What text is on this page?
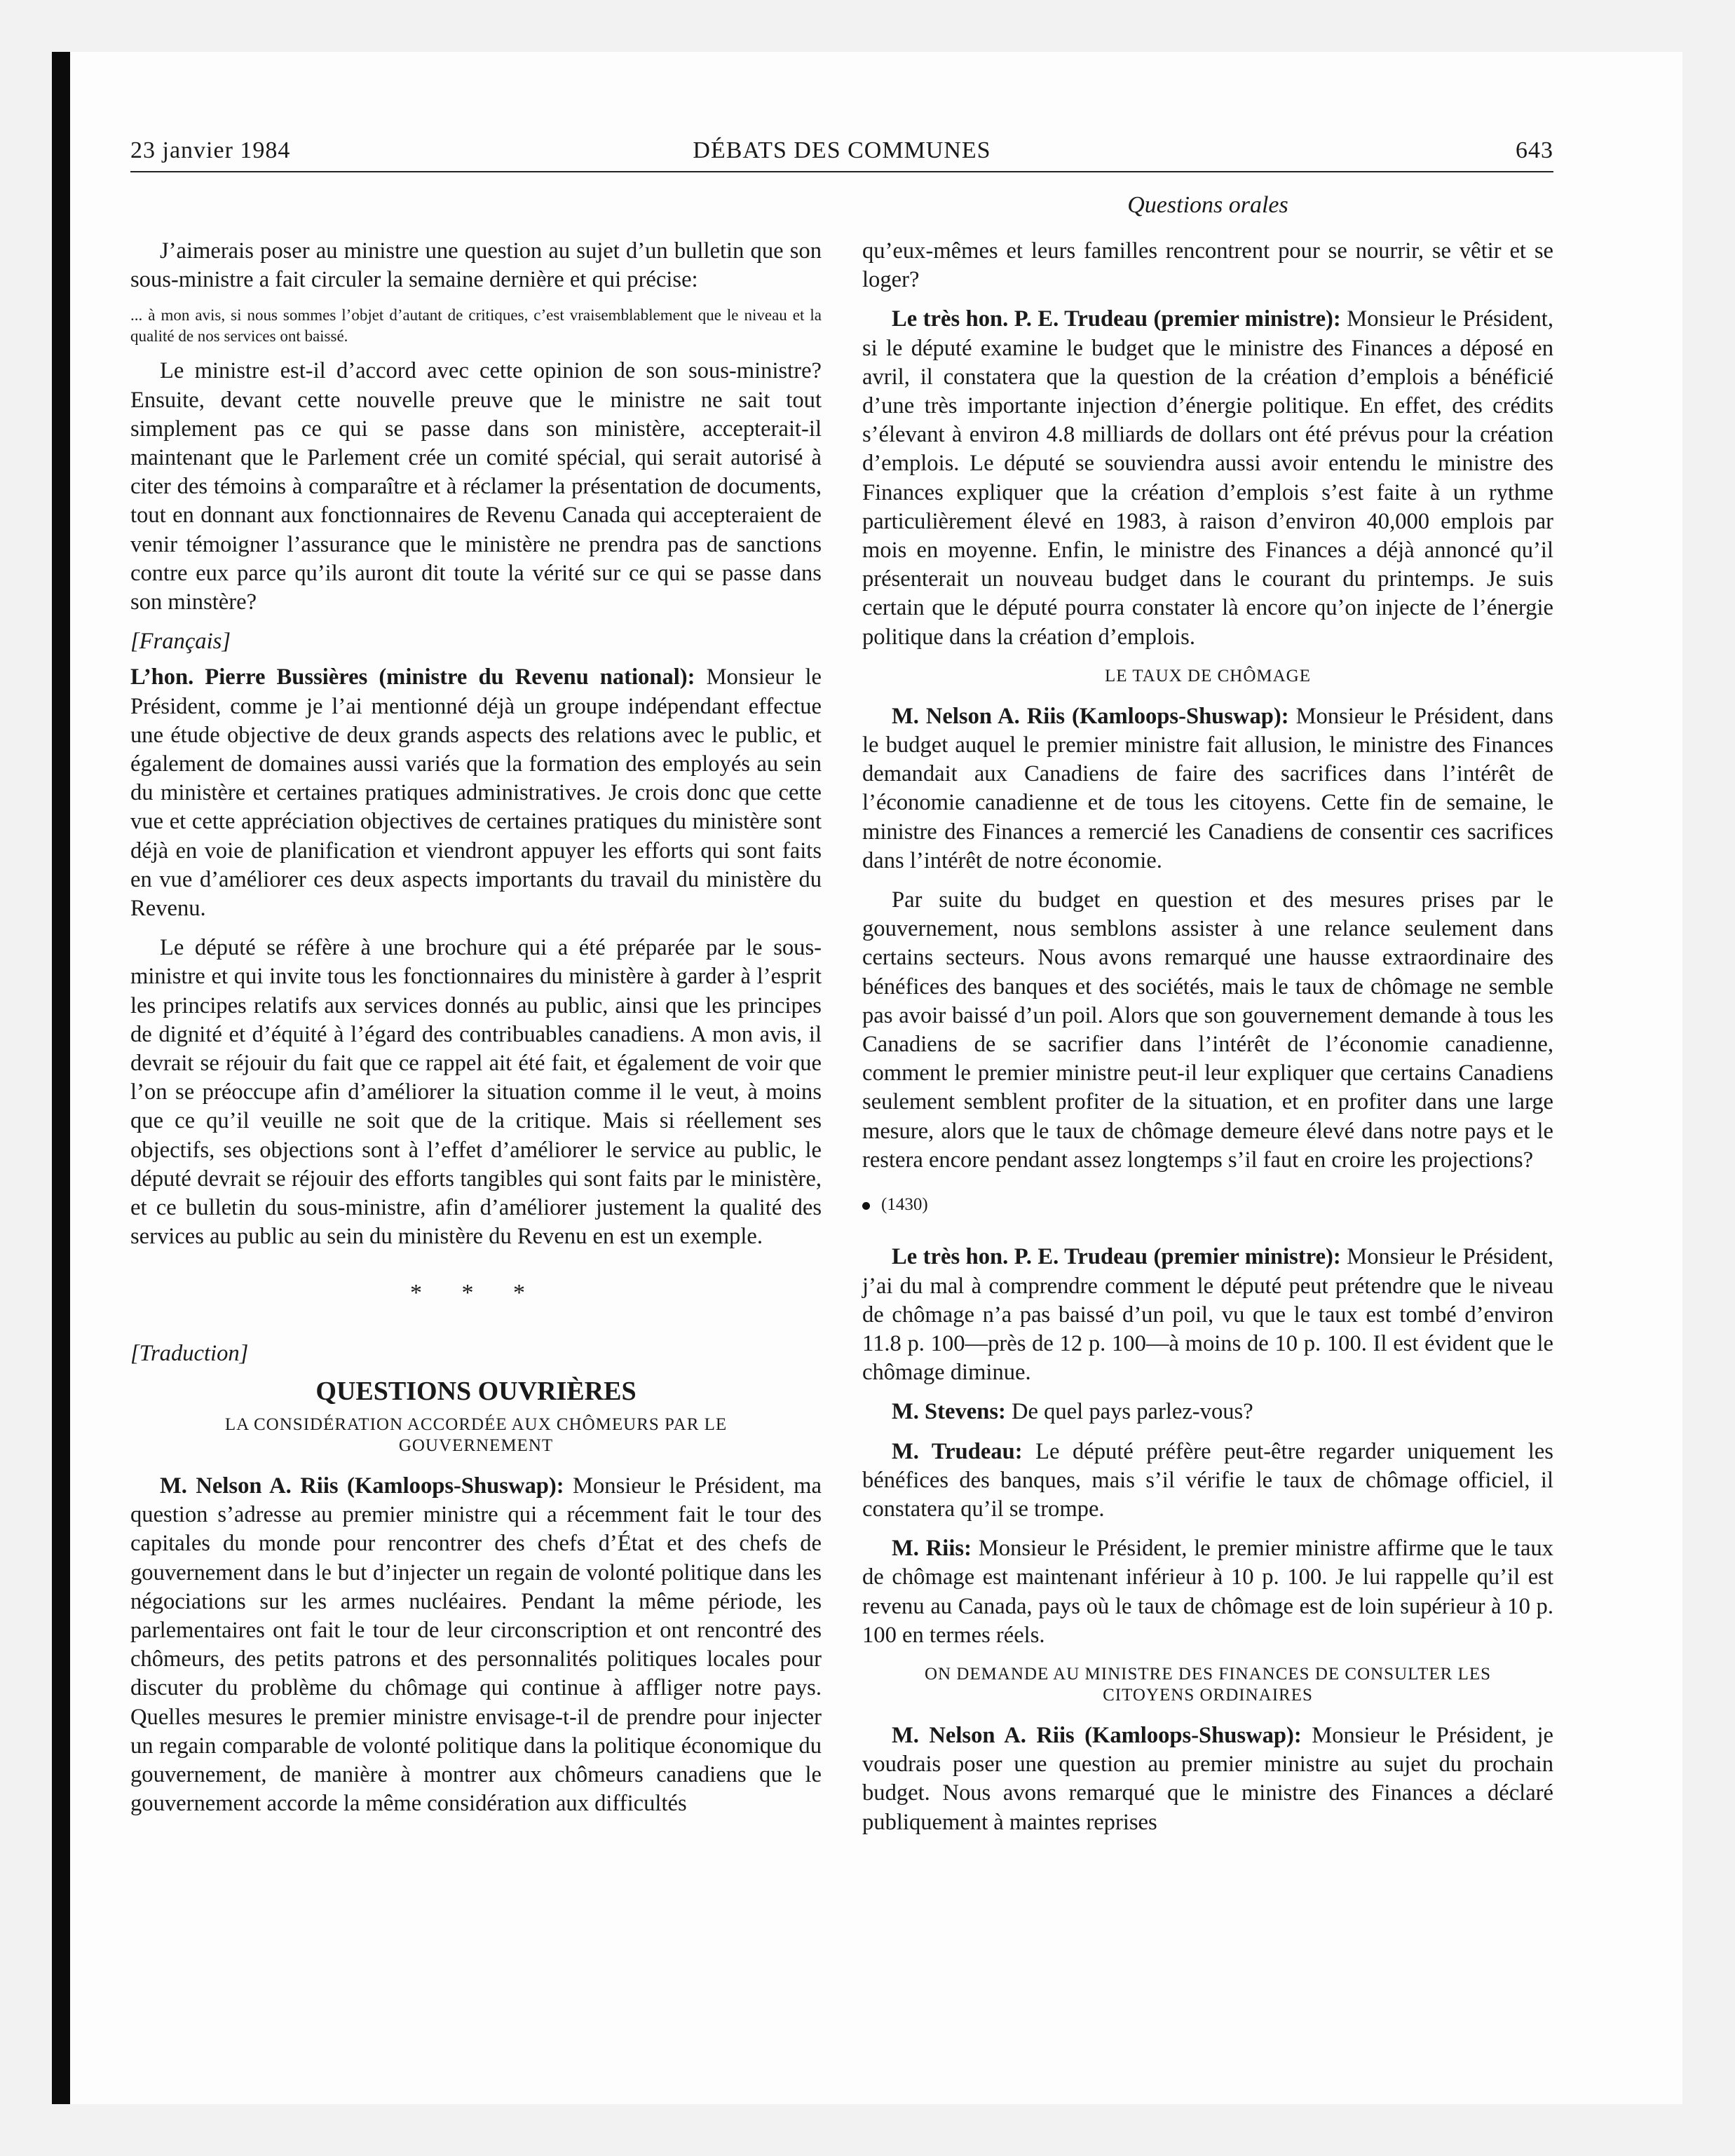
23 janvier 1984	DÉBATS DES COMMUNES	643
Questions orales

J’aimerais poser au ministre une question au sujet d’un bulletin que son sous-ministre a fait circuler la semaine dernière et qui précise:

... à mon avis, si nous sommes l’objet d’autant de critiques, c’est vraisemblablement que le niveau et la qualité de nos services ont baissé.

Le ministre est-il d’accord avec cette opinion de son sous-ministre? Ensuite, devant cette nouvelle preuve que le ministre ne sait tout simplement pas ce qui se passe dans son ministère, accepterait-il maintenant que le Parlement crée un comité spécial, qui serait autorisé à citer des témoins à comparaître et à réclamer la présentation de documents, tout en donnant aux fonctionnaires de Revenu Canada qui accepteraient de venir témoigner l’assurance que le ministère ne prendra pas de sanctions contre eux parce qu’ils auront dit toute la vérité sur ce qui se passe dans son minstère?

[Français]

L’hon. Pierre Bussières (ministre du Revenu national): Monsieur le Président, comme je l’ai mentionné déjà un groupe indépendant effectue une étude objective de deux grands aspects des relations avec le public, et également de domaines aussi variés que la formation des employés au sein du ministère et certaines pratiques administratives. Je crois donc que cette vue et cette appréciation objectives de certaines pratiques du ministère sont déjà en voie de planification et viendront appuyer les efforts qui sont faits en vue d’améliorer ces deux aspects importants du travail du ministère du Revenu.

Le député se réfère à une brochure qui a été préparée par le sous-ministre et qui invite tous les fonctionnaires du ministère à garder à l’esprit les principes relatifs aux services donnés au public, ainsi que les principes de dignité et d’équité à l’égard des contribuables canadiens. A mon avis, il devrait se réjouir du fait que ce rappel ait été fait, et également de voir que l’on se préoccupe afin d’améliorer la situation comme il le veut, à moins que ce qu’il veuille ne soit que de la critique. Mais si réellement ses objectifs, ses objections sont à l’effet d’améliorer le service au public, le député devrait se réjouir des efforts tangibles qui sont faits par le ministère, et ce bulletin du sous-ministre, afin d’améliorer justement la qualité des services au public au sein du ministère du Revenu en est un exemple.

* * *

[Traduction]

QUESTIONS OUVRIÈRES
LA CONSIDÉRATION ACCORDÉE AUX CHÔMEURS PAR LE GOUVERNEMENT

M. Nelson A. Riis (Kamloops-Shuswap): Monsieur le Président, ma question s’adresse au premier ministre qui a récemment fait le tour des capitales du monde pour rencontrer des chefs d’État et des chefs de gouvernement dans le but d’injecter un regain de volonté politique dans les négociations sur les armes nucléaires. Pendant la même période, les parlementaires ont fait le tour de leur circonscription et ont rencontré des chômeurs, des petits patrons et des personnalités politiques locales pour discuter du problème du chômage qui continue à affliger notre pays. Quelles mesures le premier ministre envisage-t-il de prendre pour injecter un regain comparable de volonté politique dans la politique économique du gouvernement, de manière à montrer aux chômeurs canadiens que le gouvernement accorde la même considération aux difficultés

qu’eux-mêmes et leurs familles rencontrent pour se nourrir, se vêtir et se loger?

Le très hon. P. E. Trudeau (premier ministre): Monsieur le Président, si le député examine le budget que le ministre des Finances a déposé en avril, il constatera que la question de la création d’emplois a bénéficié d’une très importante injection d’énergie politique. En effet, des crédits s’élevant à environ 4.8 milliards de dollars ont été prévus pour la création d’emplois. Le député se souviendra aussi avoir entendu le ministre des Finances expliquer que la création d’emplois s’est faite à un rythme particulièrement élevé en 1983, à raison d’environ 40,000 emplois par mois en moyenne. Enfin, le ministre des Finances a déjà annoncé qu’il présenterait un nouveau budget dans le courant du printemps. Je suis certain que le député pourra constater là encore qu’on injecte de l’énergie politique dans la création d’emplois.

LE TAUX DE CHÔMAGE

M. Nelson A. Riis (Kamloops-Shuswap): Monsieur le Président, dans le budget auquel le premier ministre fait allusion, le ministre des Finances demandait aux Canadiens de faire des sacrifices dans l’intérêt de l’économie canadienne et de tous les citoyens. Cette fin de semaine, le ministre des Finances a remercié les Canadiens de consentir ces sacrifices dans l’intérêt de notre économie.

Par suite du budget en question et des mesures prises par le gouvernement, nous semblons assister à une relance seulement dans certains secteurs. Nous avons remarqué une hausse extraordinaire des bénéfices des banques et des sociétés, mais le taux de chômage ne semble pas avoir baissé d’un poil. Alors que son gouvernement demande à tous les Canadiens de se sacrifier dans l’intérêt de l’économie canadienne, comment le premier ministre peut-il leur expliquer que certains Canadiens seulement semblent profiter de la situation, et en profiter dans une large mesure, alors que le taux de chômage demeure élevé dans notre pays et le restera encore pendant assez longtemps s’il faut en croire les projections?

(1430)

Le très hon. P. E. Trudeau (premier ministre): Monsieur le Président, j’ai du mal à comprendre comment le député peut prétendre que le niveau de chômage n’a pas baissé d’un poil, vu que le taux est tombé d’environ 11.8 p. 100—près de 12 p. 100—à moins de 10 p. 100. Il est évident que le chômage diminue.

M. Stevens: De quel pays parlez-vous?

M. Trudeau: Le député préfère peut-être regarder uniquement les bénéfices des banques, mais s’il vérifie le taux de chômage officiel, il constatera qu’il se trompe.

M. Riis: Monsieur le Président, le premier ministre affirme que le taux de chômage est maintenant inférieur à 10 p. 100. Je lui rappelle qu’il est revenu au Canada, pays où le taux de chômage est de loin supérieur à 10 p. 100 en termes réels.

ON DEMANDE AU MINISTRE DES FINANCES DE CONSULTER LES CITOYENS ORDINAIRES

M. Nelson A. Riis (Kamloops-Shuswap): Monsieur le Président, je voudrais poser une question au premier ministre au sujet du prochain budget. Nous avons remarqué que le ministre des Finances a déclaré publiquement à maintes reprises
